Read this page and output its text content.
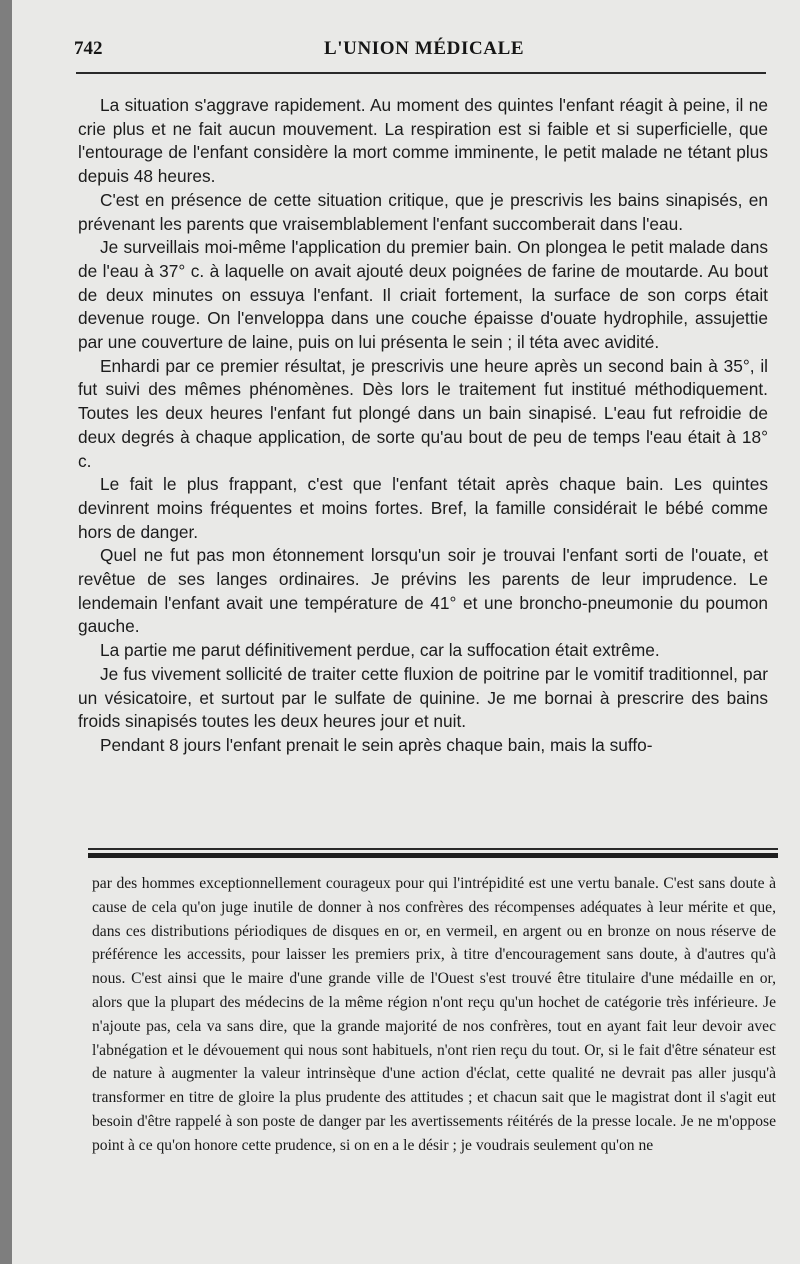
742	L'UNION MÉDICALE

La situation s'aggrave rapidement. Au moment des quintes l'enfant réagit à peine, il ne crie plus et ne fait aucun mouvement. La respiration est si faible et si superficielle, que l'entourage de l'enfant considère la mort comme imminente, le petit malade ne tétant plus depuis 48 heures.

C'est en présence de cette situation critique, que je prescrivis les bains sinapisés, en prévenant les parents que vraisemblablement l'enfant succomberait dans l'eau.

Je surveillais moi-même l'application du premier bain. On plongea le petit malade dans de l'eau à 37° c. à laquelle on avait ajouté deux poignées de farine de moutarde. Au bout de deux minutes on essuya l'enfant. Il criait fortement, la surface de son corps était devenue rouge. On l'enveloppa dans une couche épaisse d'ouate hydrophile, assujettie par une couverture de laine, puis on lui présenta le sein ; il téta avec avidité.

Enhardi par ce premier résultat, je prescrivis une heure après un second bain à 35°, il fut suivi des mêmes phénomènes. Dès lors le traitement fut institué méthodiquement. Toutes les deux heures l'enfant fut plongé dans un bain sinapisé. L'eau fut refroidie de deux degrés à chaque application, de sorte qu'au bout de peu de temps l'eau était à 18° c.

Le fait le plus frappant, c'est que l'enfant tétait après chaque bain. Les quintes devinrent moins fréquentes et moins fortes. Bref, la famille considérait le bébé comme hors de danger.

Quel ne fut pas mon étonnement lorsqu'un soir je trouvai l'enfant sorti de l'ouate, et revêtue de ses langes ordinaires. Je prévins les parents de leur imprudence. Le lendemain l'enfant avait une température de 41° et une broncho-pneumonie du poumon gauche.

La partie me parut définitivement perdue, car la suffocation était extrême.

Je fus vivement sollicité de traiter cette fluxion de poitrine par le vomitif traditionnel, par un vésicatoire, et surtout par le sulfate de quinine. Je me bornai à prescrire des bains froids sinapisés toutes les deux heures jour et nuit.

Pendant 8 jours l'enfant prenait le sein après chaque bain, mais la suffo-

par des hommes exceptionnellement courageux pour qui l'intrépidité est une vertu banale. C'est sans doute à cause de cela qu'on juge inutile de donner à nos confrères des récompenses adéquates à leur mérite et que, dans ces distributions périodiques de disques en or, en vermeil, en argent ou en bronze on nous réserve de préférence les accessits, pour laisser les premiers prix, à titre d'encouragement sans doute, à d'autres qu'à nous. C'est ainsi que le maire d'une grande ville de l'Ouest s'est trouvé être titulaire d'une médaille en or, alors que la plupart des médecins de la même région n'ont reçu qu'un hochet de catégorie très inférieure. Je n'ajoute pas, cela va sans dire, que la grande majorité de nos confrères, tout en ayant fait leur devoir avec l'abnégation et le dévouement qui nous sont habituels, n'ont rien reçu du tout. Or, si le fait d'être sénateur est de nature à augmenter la valeur intrinsèque d'une action d'éclat, cette qualité ne devrait pas aller jusqu'à transformer en titre de gloire la plus prudente des attitudes ; et chacun sait que le magistrat dont il s'agit eut besoin d'être rappelé à son poste de danger par les avertissements réitérés de la presse locale. Je ne m'oppose point à ce qu'on honore cette prudence, si on en a le désir ; je voudrais seulement qu'on ne
